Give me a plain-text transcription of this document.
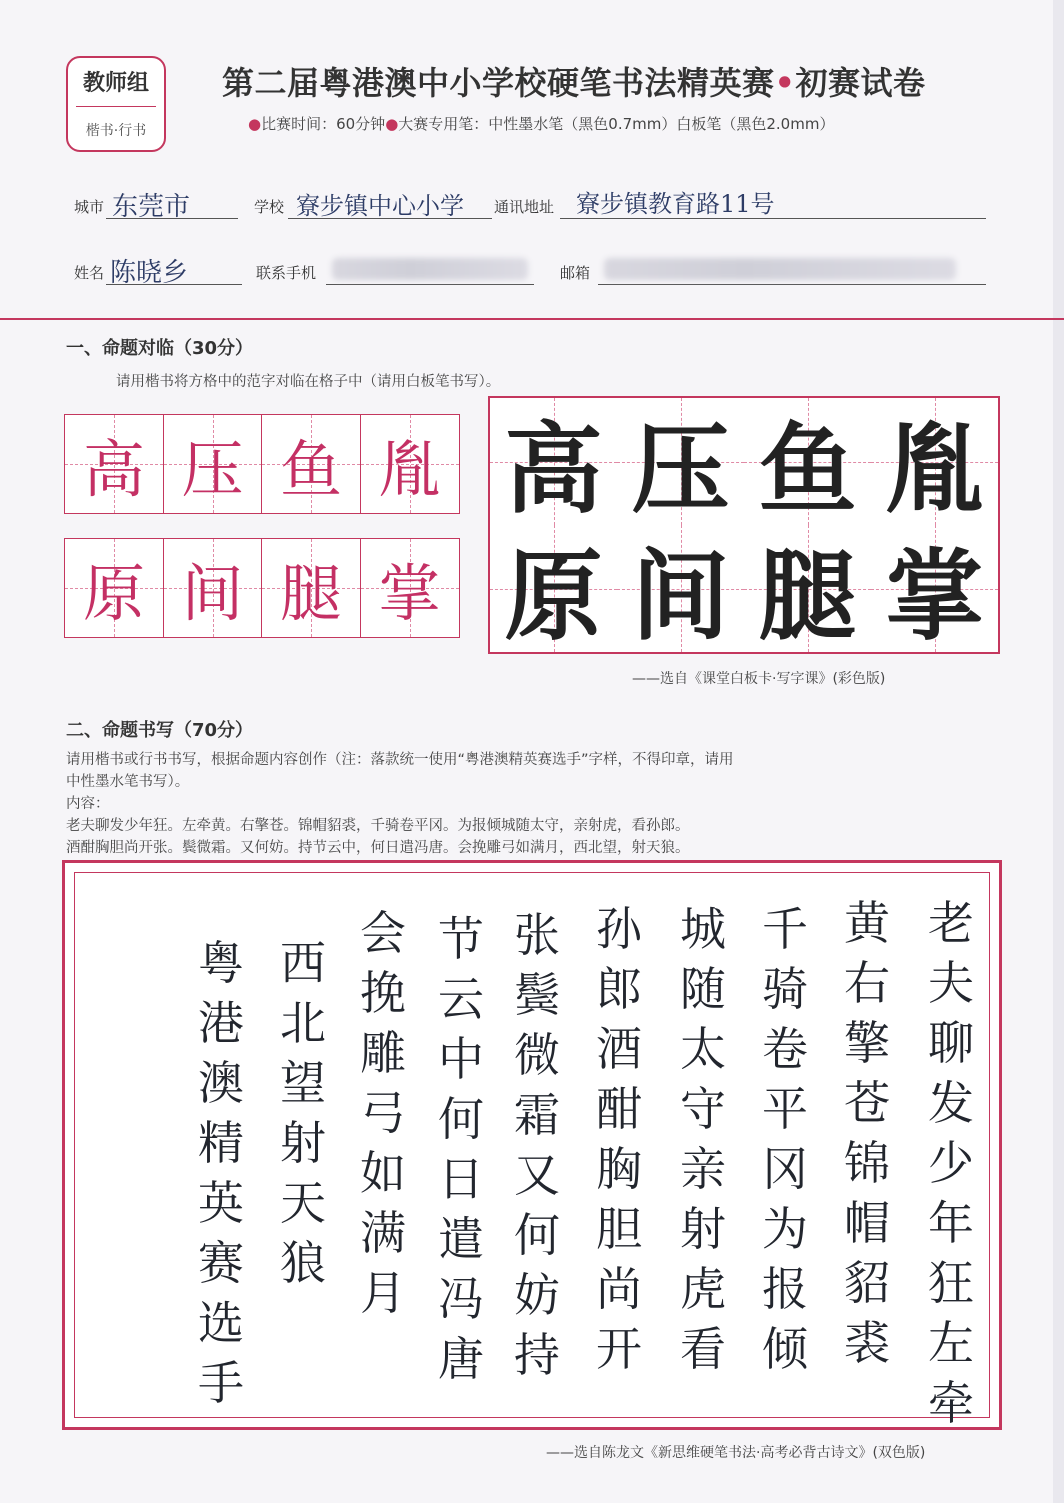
教师组
楷书·行书
第二届粤港澳中小学校硬笔书法精英赛•初赛试卷
●比赛时间：60分钟●大赛专用笔：中性墨水笔（黑色0.7mm）白板笔（黑色2.0mm）
城市 东莞市	学校 寮步镇中心小学 通讯地址 寮步镇教育路11号
姓名 陈晓乡	联系手机	邮箱
一、命题对临（30分）
请用楷书将方格中的范字对临在格子中（请用白板笔书写）。
高 压 鱼 胤
原 间 腿 掌
高 压 鱼 胤
原 间 腿 掌
——选自《课堂白板卡·写字课》(彩色版)
二、命题书写（70分）
请用楷书或行书书写，根据命题内容创作（注：落款统一使用“粤港澳精英赛选手”字样，不得印章，请用
中性墨水笔书写）。
内容：
老夫聊发少年狂。左牵黄。右擎苍。锦帽貂裘，千骑卷平冈。为报倾城随太守，亲射虎，看孙郎。
酒酣胸胆尚开张。鬓微霜。又何妨。持节云中，何日遣冯唐。会挽雕弓如满月，西北望，射天狼。
老
夫
聊
发
少
年
狂
左
牵
黄
右
擎
苍
锦
帽
貂
裘
千
骑
卷
平
冈
为
报
倾
城
随
太
守
亲
射
虎
看
孙
郎
酒
酣
胸
胆
尚
开
张
鬓
微
霜
又
何
妨
持
节
云
中
何
日
遣
冯
唐
会
挽
雕
弓
如
满
月
西
北
望
射
天
狼
粤
港
澳
精
英
赛
选
手
——选自陈龙文《新思维硬笔书法·高考必背古诗文》(双色版)
